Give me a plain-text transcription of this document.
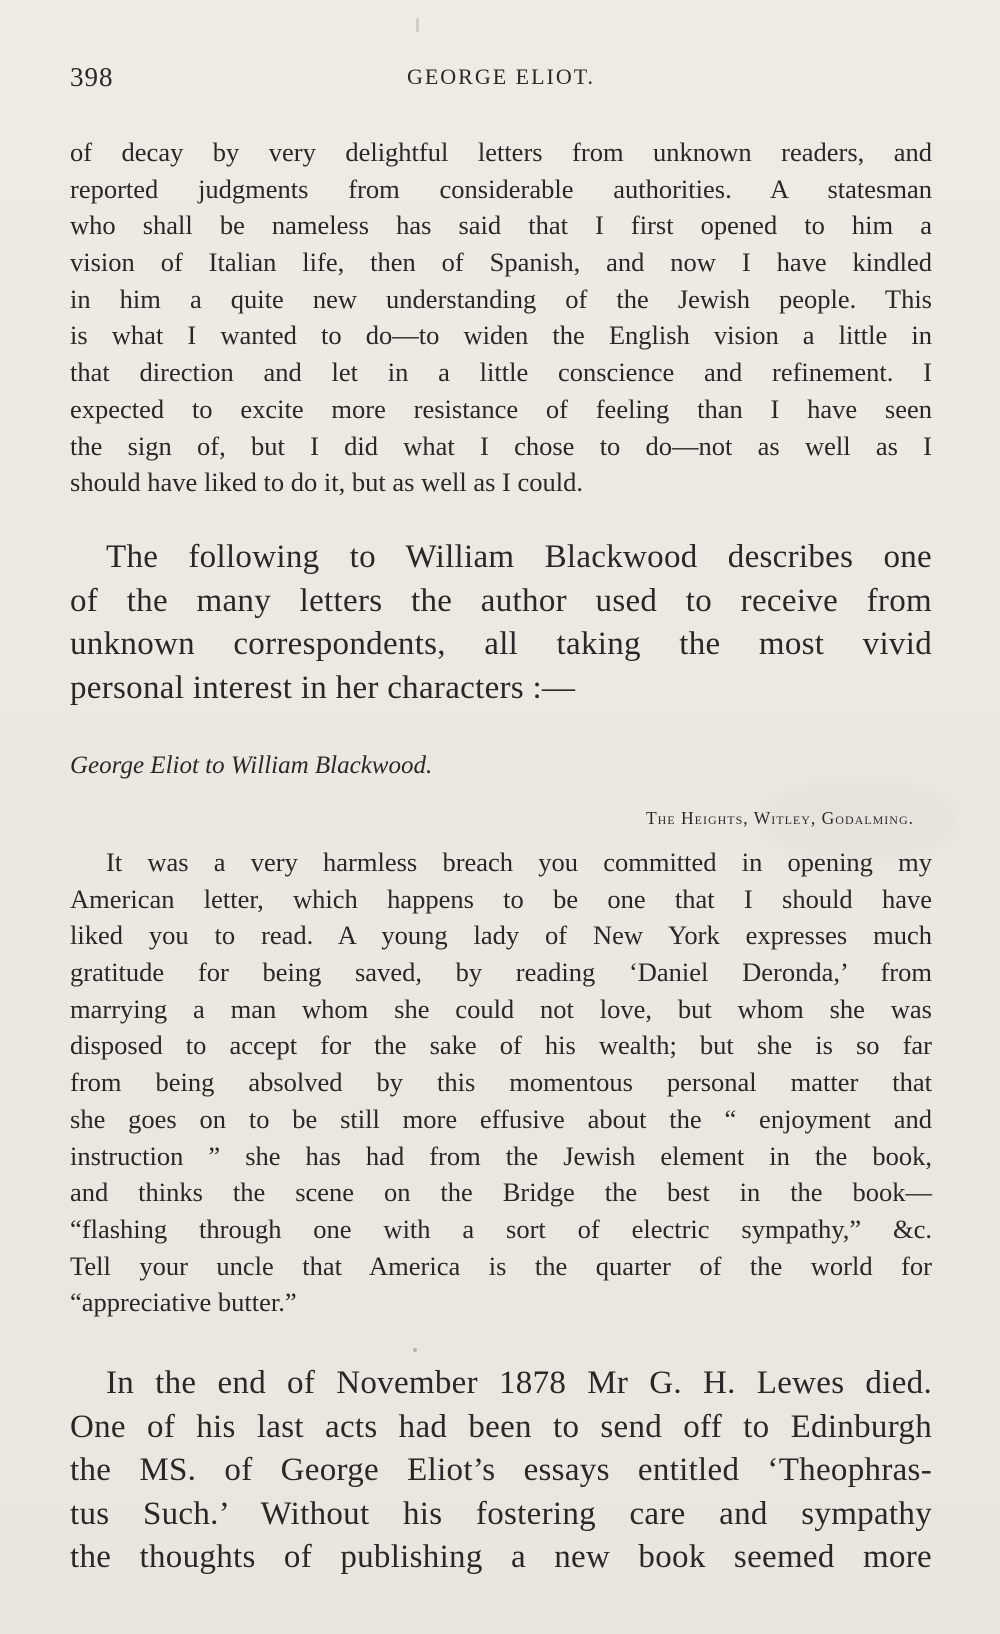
398	GEORGE ELIOT.
of decay by very delightful letters from unknown readers, and
reported judgments from considerable authorities. A statesman
who shall be nameless has said that I first opened to him a
vision of Italian life, then of Spanish, and now I have kindled
in him a quite new understanding of the Jewish people. This
is what I wanted to do—to widen the English vision a little in
that direction and let in a little conscience and refinement. I
expected to excite more resistance of feeling than I have seen
the sign of, but I did what I chose to do—not as well as I
should have liked to do it, but as well as I could.
The following to William Blackwood describes one
of the many letters the author used to receive from
unknown correspondents, all taking the most vivid
personal interest in her characters :—
George Eliot to William Blackwood.
The Heights, Witley, Godalming.
It was a very harmless breach you committed in opening my
American letter, which happens to be one that I should have
liked you to read. A young lady of New York expresses much
gratitude for being saved, by reading ‘Daniel Deronda,’ from
marrying a man whom she could not love, but whom she was
disposed to accept for the sake of his wealth; but she is so far
from being absolved by this momentous personal matter that
she goes on to be still more effusive about the “ enjoyment and
instruction ” she has had from the Jewish element in the book,
and thinks the scene on the Bridge the best in the book—
“flashing through one with a sort of electric sympathy,” &c.
Tell your uncle that America is the quarter of the world for
“appreciative butter.”
In the end of November 1878 Mr G. H. Lewes died.
One of his last acts had been to send off to Edinburgh
the MS. of George Eliot’s essays entitled ‘Theophras-
tus Such.’ Without his fostering care and sympathy
the thoughts of publishing a new book seemed more
